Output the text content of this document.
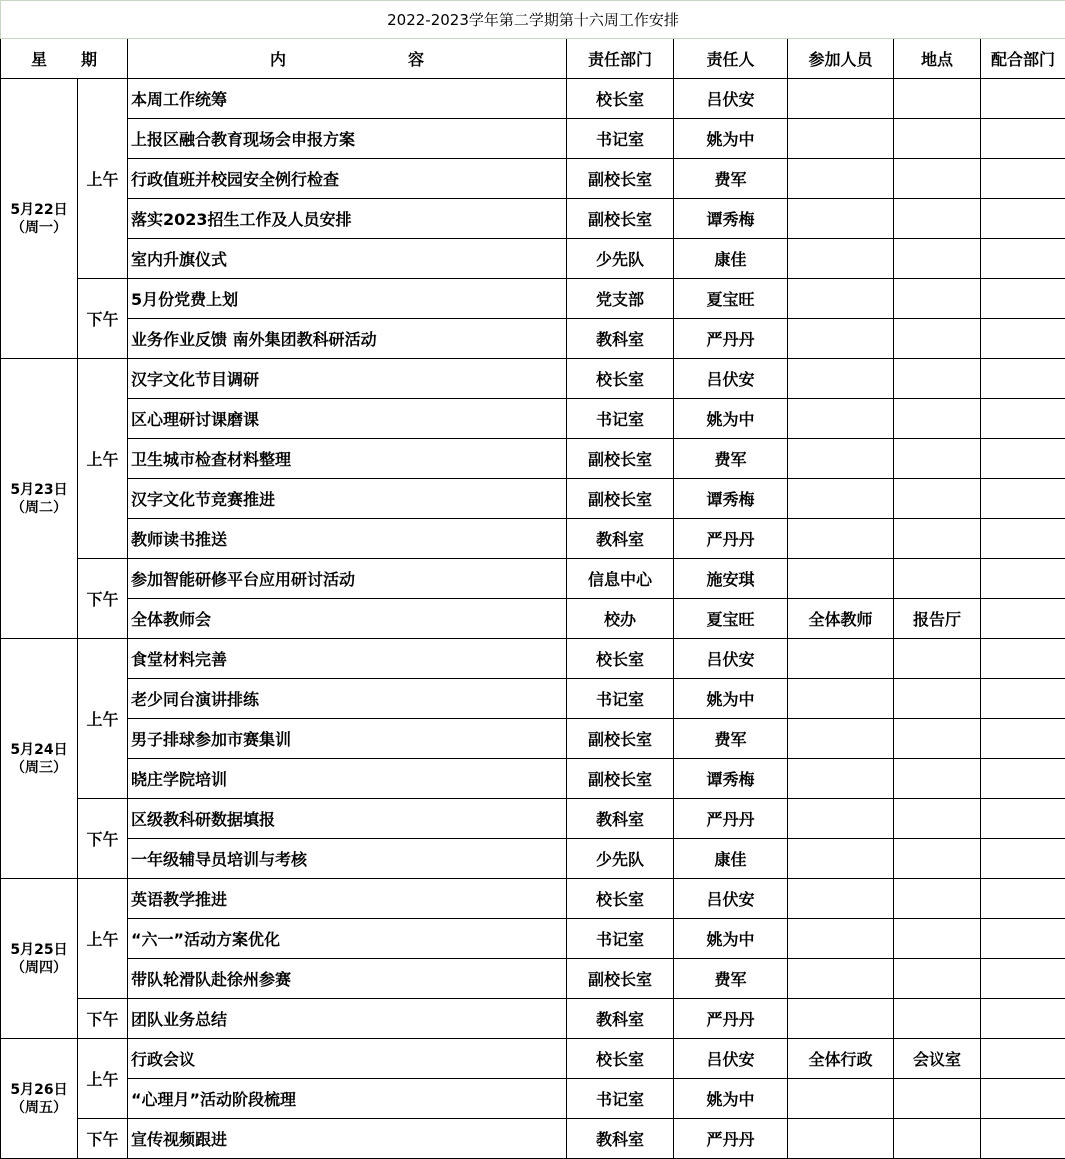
2022-2023学年第二学期第十六周工作安排							
星 期		内 容	责任部门	责任人	参加人员	地点	配合部门

5月22日
（周一）	上午	本周工作统筹	校长室	吕伏安			
		上报区融合教育现场会申报方案	书记室	姚为中			
		行政值班并校园安全例行检查	副校长室	费军			
		落实2023招生工作及人员安排	副校长室	谭秀梅			
		室内升旗仪式	少先队	康佳			
	下午	5月份党费上划	党支部	夏宝旺			
		业务作业反馈 南外集团教科研活动	教科室	严丹丹			

5月23日
（周二）	上午	汉字文化节目调研	校长室	吕伏安			
		区心理研讨课磨课	书记室	姚为中			
		卫生城市检查材料整理	副校长室	费军			
		汉字文化节竞赛推进	副校长室	谭秀梅			
		教师读书推送	教科室	严丹丹			
	下午	参加智能研修平台应用研讨活动	信息中心	施安琪			
		全体教师会	校办	夏宝旺	全体教师	报告厅	

5月24日
（周三）	上午	食堂材料完善	校长室	吕伏安			
		老少同台演讲排练	书记室	姚为中			
		男子排球参加市赛集训	副校长室	费军			
		晓庄学院培训	副校长室	谭秀梅			
	下午	区级教科研数据填报	教科室	严丹丹			
		一年级辅导员培训与考核	少先队	康佳			

5月25日
（周四）	上午	英语教学推进	校长室	吕伏安			
		“六一”活动方案优化	书记室	姚为中			
		带队轮滑队赴徐州参赛	副校长室	费军			
	下午	团队业务总结	教科室	严丹丹			

5月26日
（周五）	上午	行政会议	校长室	吕伏安	全体行政	会议室	
		“心理月”活动阶段梳理	书记室	姚为中			
	下午	宣传视频跟进	教科室	严丹丹			
